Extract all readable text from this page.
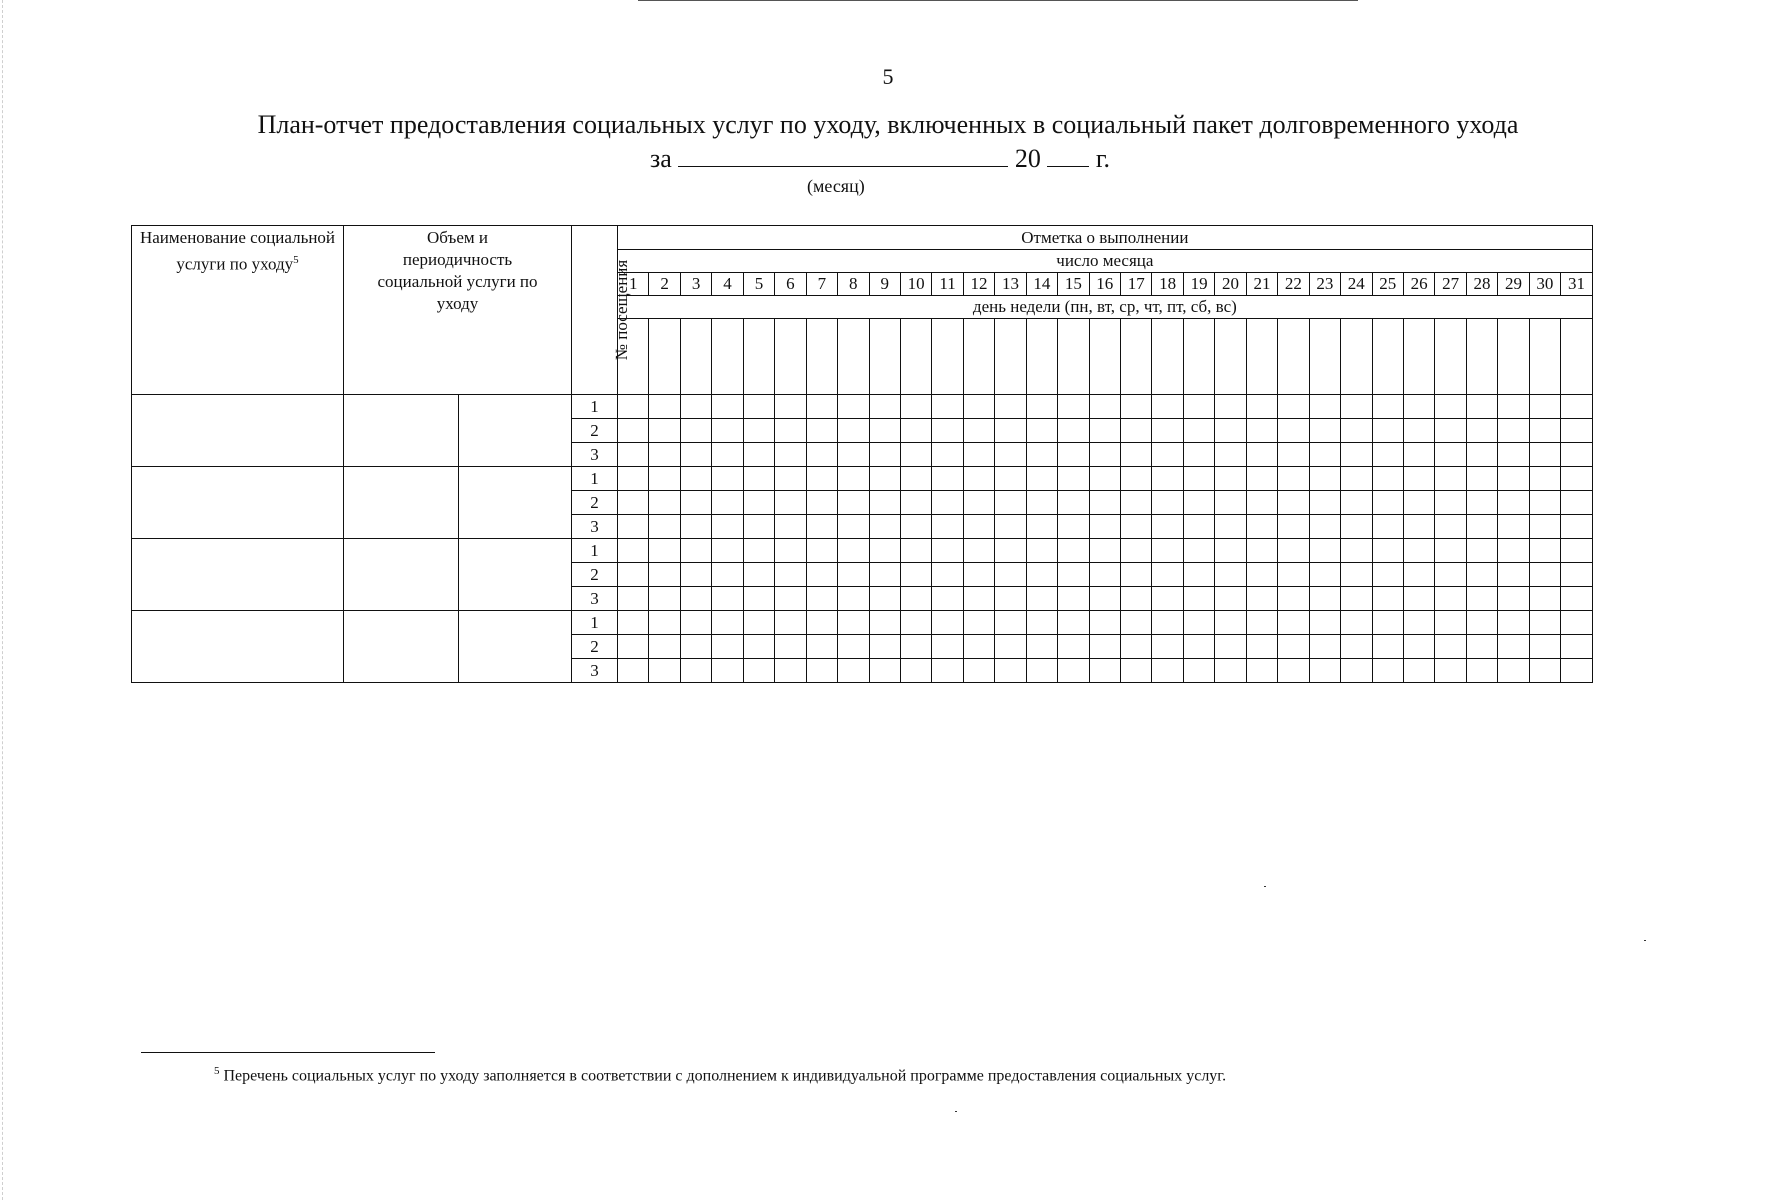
5
План-отчет предоставления социальных услуг по уходу, включенных в социальный пакет долговременного ухода
за	20 г.
(месяц)
Наименование социальной услуги по уходу$^5$	Объем и периодичность социальной услуги по уходу		№ посещения	Отметка о выполнении																														
				число месяца																														
				1	2	3	4	5	6	7	8	9	10	11	12	13	14	15	16	17	18	19	20	21	22	23	24	25	26	27	28	29	30	31
				день недели (пн, вт, ср, чт, пт, сб, вс)																														

			1																															
			2																															
			3																															
			1																															
			2																															
			3																															
			1																															
			2																															
			3																															
			1																															
			2																															
			3																															
$^5$ Перечень социальных услуг по уходу заполняется в соответствии с дополнением к индивидуальной программе предоставления социальных услуг.
